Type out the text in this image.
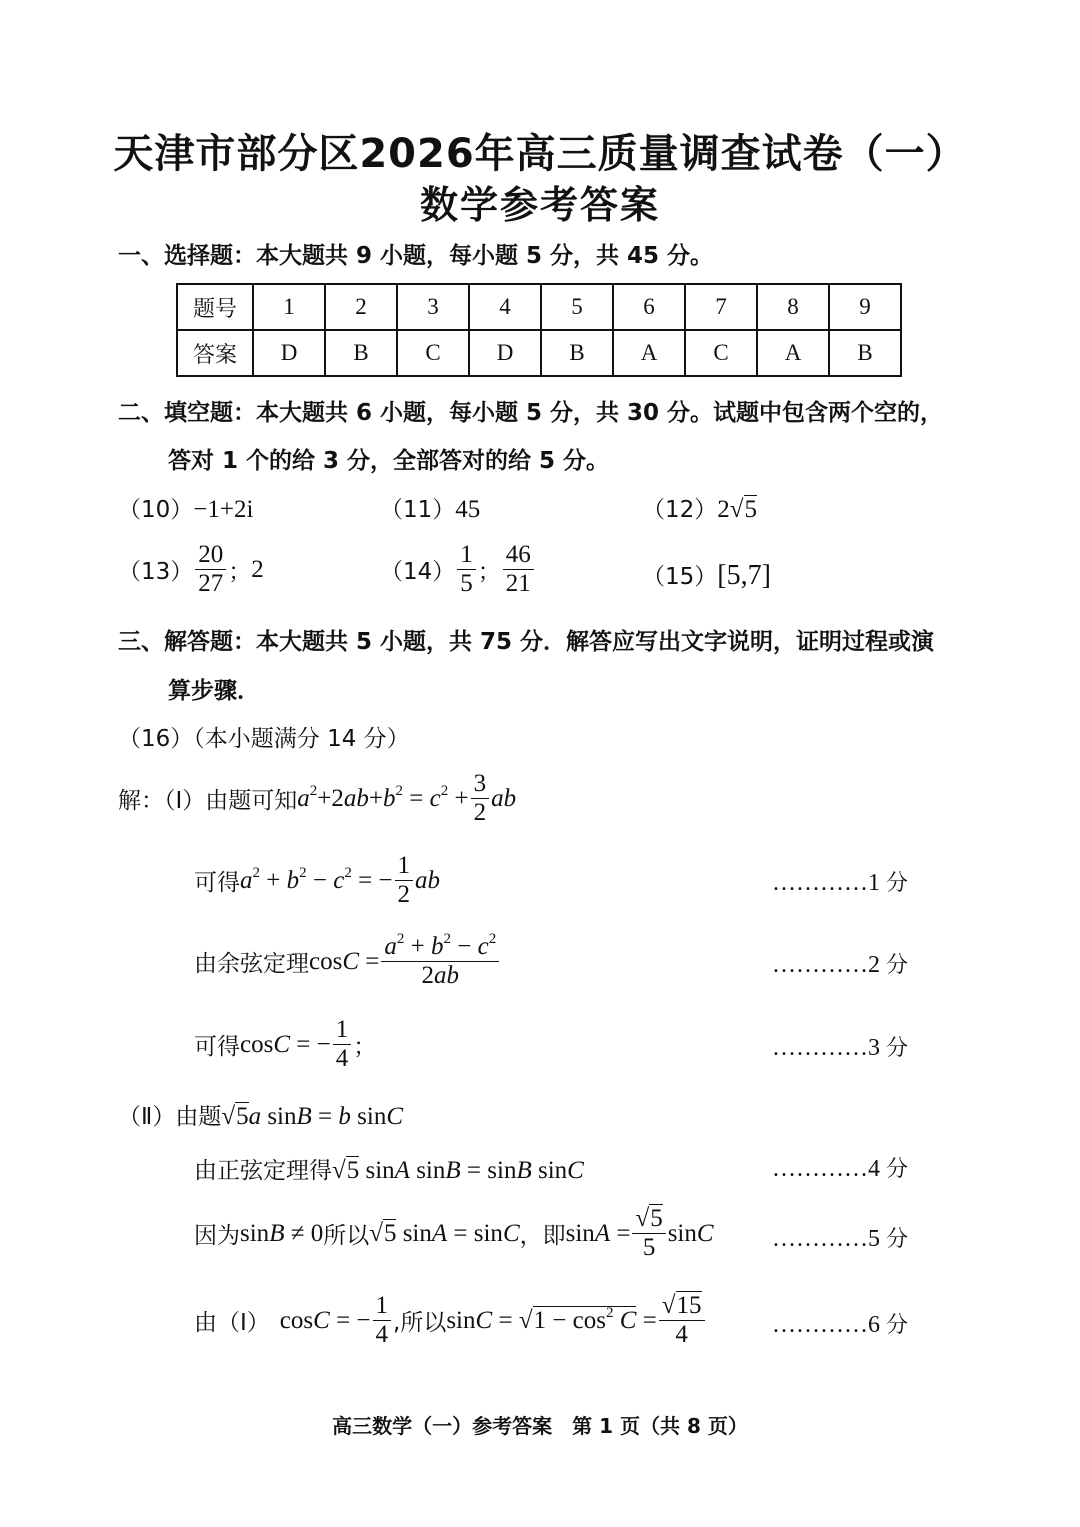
天津市部分区2026年高三质量调查试卷（一）
数学参考答案
一、选择题：本大题共 9 小题，每小题 5 分，共 45 分。
题号	1	2	3	4	5	6	7	8	9
答案	D	B	C	D	B	A	C	A	B
二、填空题：本大题共 6 小题，每小题 5 分，共 30 分。试题中包含两个空的，
答对 1 个的给 3 分，全部答对的给 5 分。
（10）−1+2i	（11）45	（12）2√5
$(13) \frac{20}{27}$ ； 2	$(14) \frac{1}{5}$ ； $\frac{46}{21}$	（15）[5,7]
三、解答题：本大题共 5 小题，共 75 分．解答应写出文字说明，证明过程或演
算步骤．
（16）（本小题满分 14 分）
解：（Ⅰ）由题可知 $a^2+2ab+b^2 = c^2 + \frac{3}{2}$ ab
可得 $a^2 + b^2 - c^2$ = − $\frac{1}{2}$ ab
由余弦定理 $\cos C = \frac{a^2 + b^2 - c^2}{2ab}$
可得 cosC = − $\frac{1}{4}$ ；
（Ⅱ）由题√5a sinB = b sinC
由正弦定理得√5 sinA sinB = sinB sinC
因为 sinB ≠ 0 所以 √5 sinA = sinC ，即 $\sin A = \frac{√5}{5}$ sinC
由（Ⅰ） cosC = − $\frac{1}{4}$ ,所以 $\sin C = √1 - \cos^2 C = \frac{√15}{4}$
…………1 分
…………2 分
…………3 分
…………4 分
…………5 分
…………6 分
高三数学（一）参考答案　第 1 页（共 8 页）
